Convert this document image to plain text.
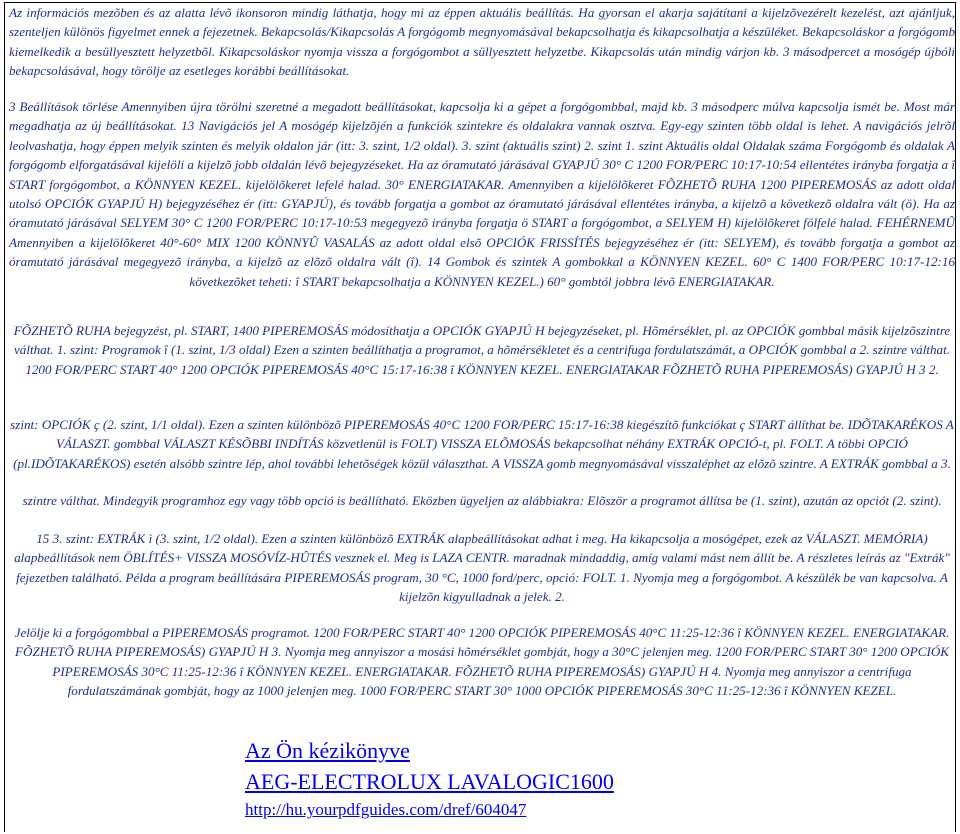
Az információs mezõben és az alatta lévõ ikonsoron mindig láthatja, hogy mi az éppen aktuális beállítás. Ha gyorsan el akarja sajátítani a kijelzõvezérelt kezelést, azt ajánljuk, szenteljen különös figyelmet ennek a fejezetnek. Bekapcsolás/Kikapcsolás A forgógomb megnyomásával bekapcsolhatja és kikapcsolhatja a készüléket. Bekapcsoláskor a forgógomb kiemelkedik a besüllyesztett helyzetbõl. Kikapcsoláskor nyomja vissza a forgógombot a süllyesztett helyzetbe. Kikapcsolás után mindig várjon kb. 3 másodpercet a mosógép újbóli bekapcsolásával, hogy törölje az esetleges korábbi beállításokat.

3 Beállítások törlése Amennyiben újra törölni szeretné a megadott beállításokat, kapcsolja ki a gépet a forgógombbal, majd kb. 3 másodperc múlva kapcsolja ismét be. Most már megadhatja az új beállításokat. 13 Navigációs jel A mosógép kijelzõjén a funkciók szintekre és oldalakra vannak osztva. Egy-egy szinten több oldal is lehet. A navigációs jelrõl leolvashatja, hogy éppen melyik szinten és melyik oldalon jár (itt: 3. szint, 1/2 oldal). 3. szint (aktuális szint) 2. szint 1. szint Aktuális oldal Oldalak száma Forgógomb és oldalak A forgógomb elforgatásával kijelöli a kijelzõ jobb oldalán lévõ bejegyzéseket. Ha az óramutató járásával GYAPJÚ 30° C 1200 FOR/PERC 10:17-10:54 ellentétes irányba forgatja a î START forgógombot, a KÖNNYEN KEZEL. kijelölõkeret lefelé halad. 30° ENERGIATAKAR. Amennyiben a kijelölõkeret FÕZHETÕ RUHA 1200 PIPEREMOSÁS az adott oldal utolsó OPCIÓK GYAPJÚ H) bejegyzéséhez ér (itt: GYAPJÚ), és tovább forgatja a gombot az óramutató járásával ellentétes irányba, a kijelzõ a következõ oldalra vált (ö). Ha az óramutató járásával SELYEM 30° C 1200 FOR/PERC 10:17-10:53 megegyezõ irányba forgatja ö START a forgógombot, a SELYEM H) kijelölõkeret fölfelé halad. FEHÉRNEMÛ Amennyiben a kijelölõkeret 40°-60° MIX 1200 KÖNNYÛ VASALÁS az adott oldal elsõ OPCIÓK FRISSÍTÉS bejegyzéséhez ér (itt: SELYEM), és tovább forgatja a gombot az óramutató járásával megegyezõ irányba, a kijelzõ az elõzõ oldalra vált (î). 14 Gombok és szintek A gombokkal a KÖNNYEN KEZEL. 60° C 1400 FOR/PERC 10:17-12:16 következõket teheti: î START bekapcsolhatja a KÖNNYEN KEZEL.) 60° gombtól jobbra lévõ ENERGIATAKAR.

FÕZHETÕ RUHA bejegyzést, pl. START, 1400 PIPEREMOSÁS módosíthatja a OPCIÓK GYAPJÚ H bejegyzéseket, pl. Hõmérséklet, pl. az OPCIÓK gombbal másik kijelzõszintre válthat. 1. szint: Programok î (1. szint, 1/3 oldal) Ezen a szinten beállíthatja a programot, a hõmérsékletet és a centrifuga fordulatszámát, a OPCIÓK gombbal a 2. szintre válthat. 1200 FOR/PERC START 40° 1200 OPCIÓK PIPEREMOSÁS 40°C 15:17-16:38 î KÖNNYEN KEZEL. ENERGIATAKAR FÕZHETÕ RUHA PIPEREMOSÁS) GYAPJÚ H 3 2.

szint: OPCIÓK ç (2. szint, 1/1 oldal). Ezen a szinten különbözõ PIPEREMOSÁS 40°C 1200 FOR/PERC 15:17-16:38 kiegészítõ funkciókat ç START állíthat be. IDÕTAKARÉKOS A VÁLASZT. gombbal VÁLASZT KÉSÕBBI INDÍTÁS közvetlenül is FOLT) VISSZA ELÕMOSÁS bekapcsolhat néhány EXTRÁK OPCIÓ-t, pl. FOLT. A többi OPCIÓ (pl.IDÕTAKARÉKOS) esetén alsóbb szintre lép, ahol további lehetõségek közül választhat. A VISSZA gomb megnyomásával visszaléphet az elõzõ szintre. A EXTRÁK gombbal a 3.

szintre válthat. Mindegyik programhoz egy vagy több opció is beállítható. Eközben ügyeljen az alábbiakra: Elõször a programot állítsa be (1. szint), azután az opciót (2. szint).

15 3. szint: EXTRÁK ì (3. szint, 1/2 oldal). Ezen a szinten különbözõ EXTRÁK alapbeállításokat adhat ì meg. Ha kikapcsolja a mosógépet, ezek az VÁLASZT. MEMÓRIA) alapbeállítások nem ÖBLÍTÉS+ VISSZA MOSÓVÍZ-HÛTÉS vesznek el. Meg is LAZA CENTR. maradnak mindaddig, amíg valami mást nem állít be. A részletes leírás az "Extrák" fejezetben található. Példa a program beállítására PIPEREMOSÁS program, 30 °C, 1000 ford/perc, opció: FOLT. 1. Nyomja meg a forgógombot. A készülék be van kapcsolva. A kijelzõn kigyulladnak a jelek. 2.

Jelölje ki a forgógombbal a PIPEREMOSÁS programot. 1200 FOR/PERC START 40° 1200 OPCIÓK PIPEREMOSÁS 40°C 11:25-12:36 î KÖNNYEN KEZEL. ENERGIATAKAR. FÕZHETÕ RUHA PIPEREMOSÁS) GYAPJÚ H 3. Nyomja meg annyiszor a mosási hõmérséklet gombját, hogy a 30°C jelenjen meg. 1200 FOR/PERC START 30° 1200 OPCIÓK PIPEREMOSÁS 30°C 11:25-12:36 î KÖNNYEN KEZEL. ENERGIATAKAR. FÕZHETÕ RUHA PIPEREMOSÁS) GYAPJÚ H 4. Nyomja meg annyiszor a centrifuga fordulatszámának gombját, hogy az 1000 jelenjen meg. 1000 FOR/PERC START 30° 1000 OPCIÓK PIPEREMOSÁS 30°C 11:25-12:36 î KÖNNYEN KEZEL.

Az Ön kézikönyve
AEG-ELECTROLUX LAVALOGIC1600
http://hu.yourpdfguides.com/dref/604047
